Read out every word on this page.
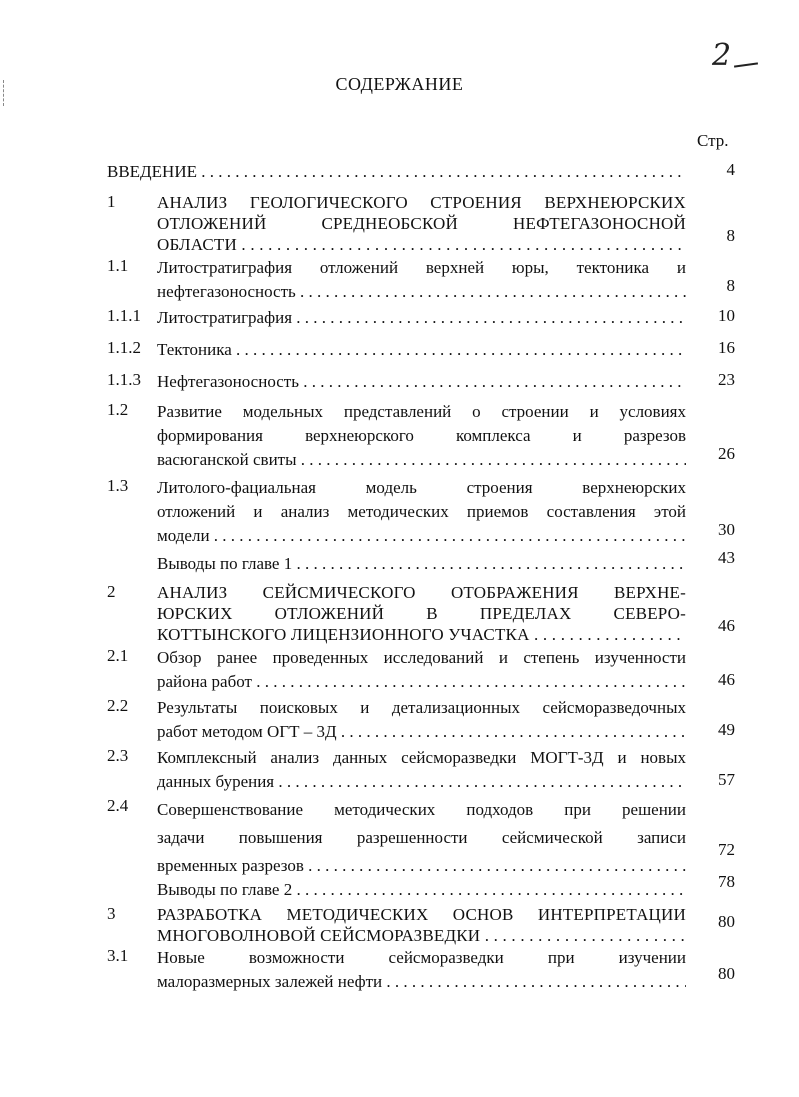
2
СОДЕРЖАНИЕ
Стр.
ВВЕДЕНИЕ . . .	4
1 АНАЛИЗ ГЕОЛОГИЧЕСКОГО СТРОЕНИЯ ВЕРХНЕЮРСКИХ
ОТЛОЖЕНИЙ СРЕДНЕОБСКОЙ НЕФТЕГАЗОНОСНОЙ
ОБЛАСТИ . . .	8
1.1 Литостратиграфия отложений верхней юры, тектоника и
нефтегазоносность . . .	8
1.1.1 Литостратиграфия . . .	10
1.1.2 Тектоника . . .	16
1.1.3 Нефтегазоносность . . .	23
1.2 Развитие модельных представлений о строении и условиях
формирования верхнеюрского комплекса и разрезов
васюганской свиты . . .	26
1.3 Литолого-фациальная модель строения верхнеюрских
отложений и анализ методических приемов составления этой
модели . . .	30
Выводы по главе 1 . . .	43
2 АНАЛИЗ СЕЙСМИЧЕСКОГО ОТОБРАЖЕНИЯ ВЕРХНЕ-
ЮРСКИХ ОТЛОЖЕНИЙ В ПРЕДЕЛАХ СЕВЕРО-
КОТТЫНСКОГО ЛИЦЕНЗИОННОГО УЧАСТКА . . .	46
2.1 Обзор ранее проведенных исследований и степень изученности
района работ . . .	46
2.2 Результаты поисковых и детализационных сейсморазведочных
работ методом ОГТ – 3Д . . .	49
2.3 Комплексный анализ данных сейсморазведки МОГТ-3Д и новых
данных бурения . . .	57
2.4 Совершенствование методических подходов при решении
задачи повышения разрешенности сейсмической записи
временных разрезов . . .
72
Выводы по главе 2 . . .	78
3 РАЗРАБОТКА МЕТОДИЧЕСКИХ ОСНОВ ИНТЕРПРЕТАЦИИ
МНОГОВОЛНОВОЙ СЕЙСМОРАЗВЕДКИ . . .
80
3.1 Новые возможности сейсморазведки при изучении
малоразмерных залежей нефти . . .	80
